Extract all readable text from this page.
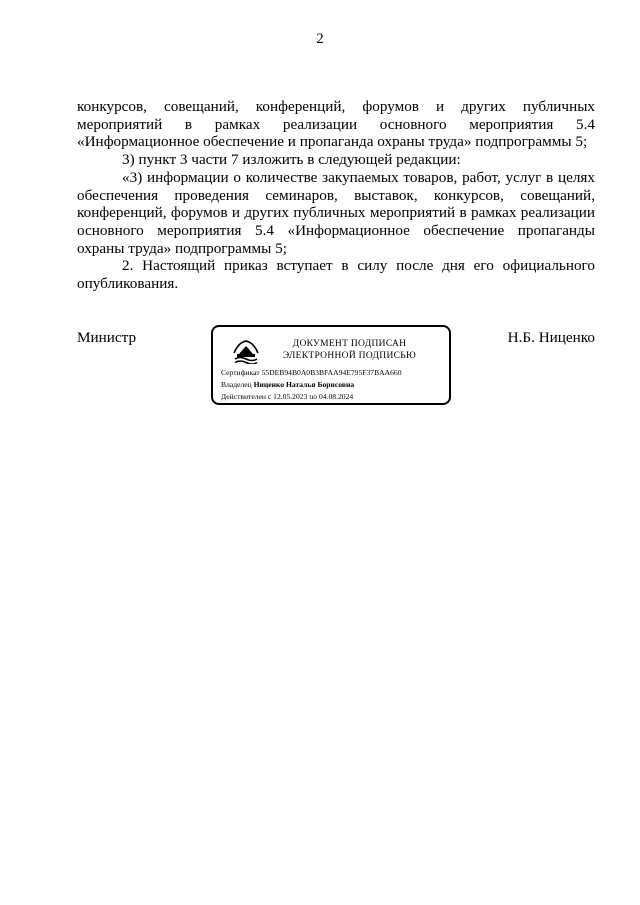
2

конкурсов, совещаний, конференций, форумов и других публичных мероприятий в рамках реализации основного мероприятия 5.4 «Информационное обеспечение и пропаганда охраны труда» подпрограммы 5;

3) пункт 3 части 7 изложить в следующей редакции:

«3) информации о количестве закупаемых товаров, работ, услуг в целях обеспечения проведения семинаров, выставок, конкурсов, совещаний, конференций, форумов и других публичных мероприятий в рамках реализации основного мероприятия 5.4 «Информационное обеспечение пропаганды охраны труда» подпрограммы 5;

2. Настоящий приказ вступает в силу после дня его официального опубликования.

Министр	Н.Б. Ниценко
ДОКУМЕНТ ПОДПИСАН
ЭЛЕКТРОННОЙ ПОДПИСЬЮ
Сертификат 55DEB94B0A0B3BFAA94E795F37BAA660
Владелец Ниценко Наталья Борисовна
Действителен с 12.05.2023 по 04.08.2024
